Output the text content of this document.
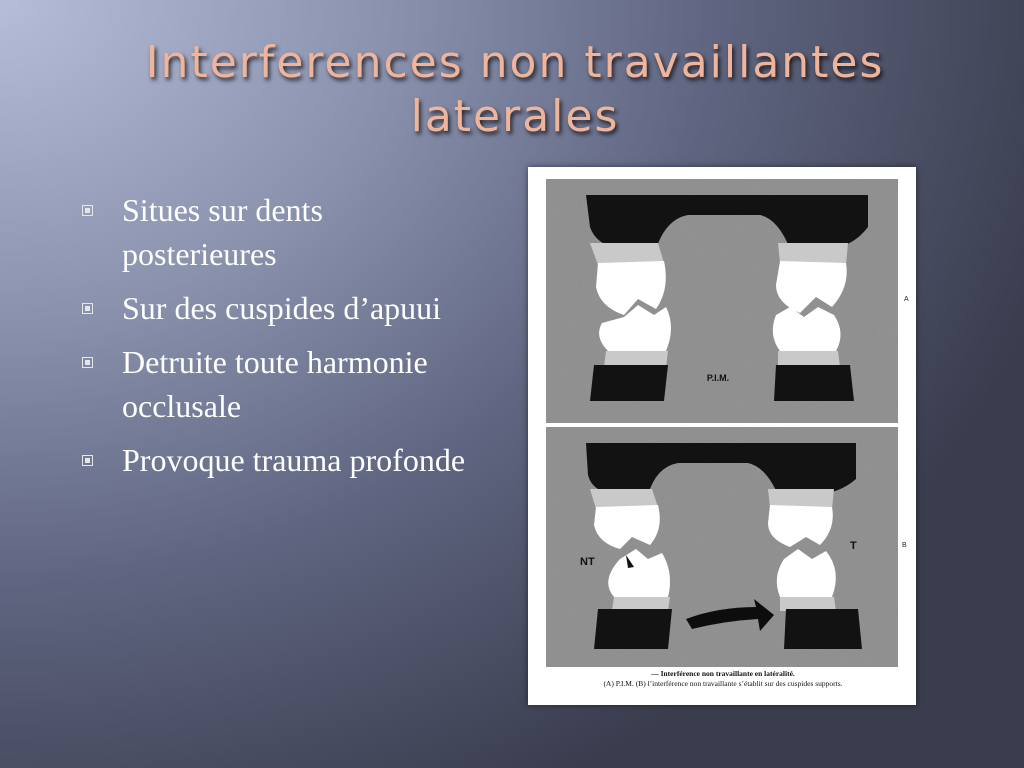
Interferences non travaillantes laterales
Situes sur dents posterieures
Sur des cuspides d’apuui
Detruite toute harmonie occlusale
Provoque trauma profonde
P.I.M.
A
NT
T	B
— Interférence non travaillante en latéralité.
(A) P.I.M. (B) l’interférence non travaillante s’établit sur des cuspides supports.
